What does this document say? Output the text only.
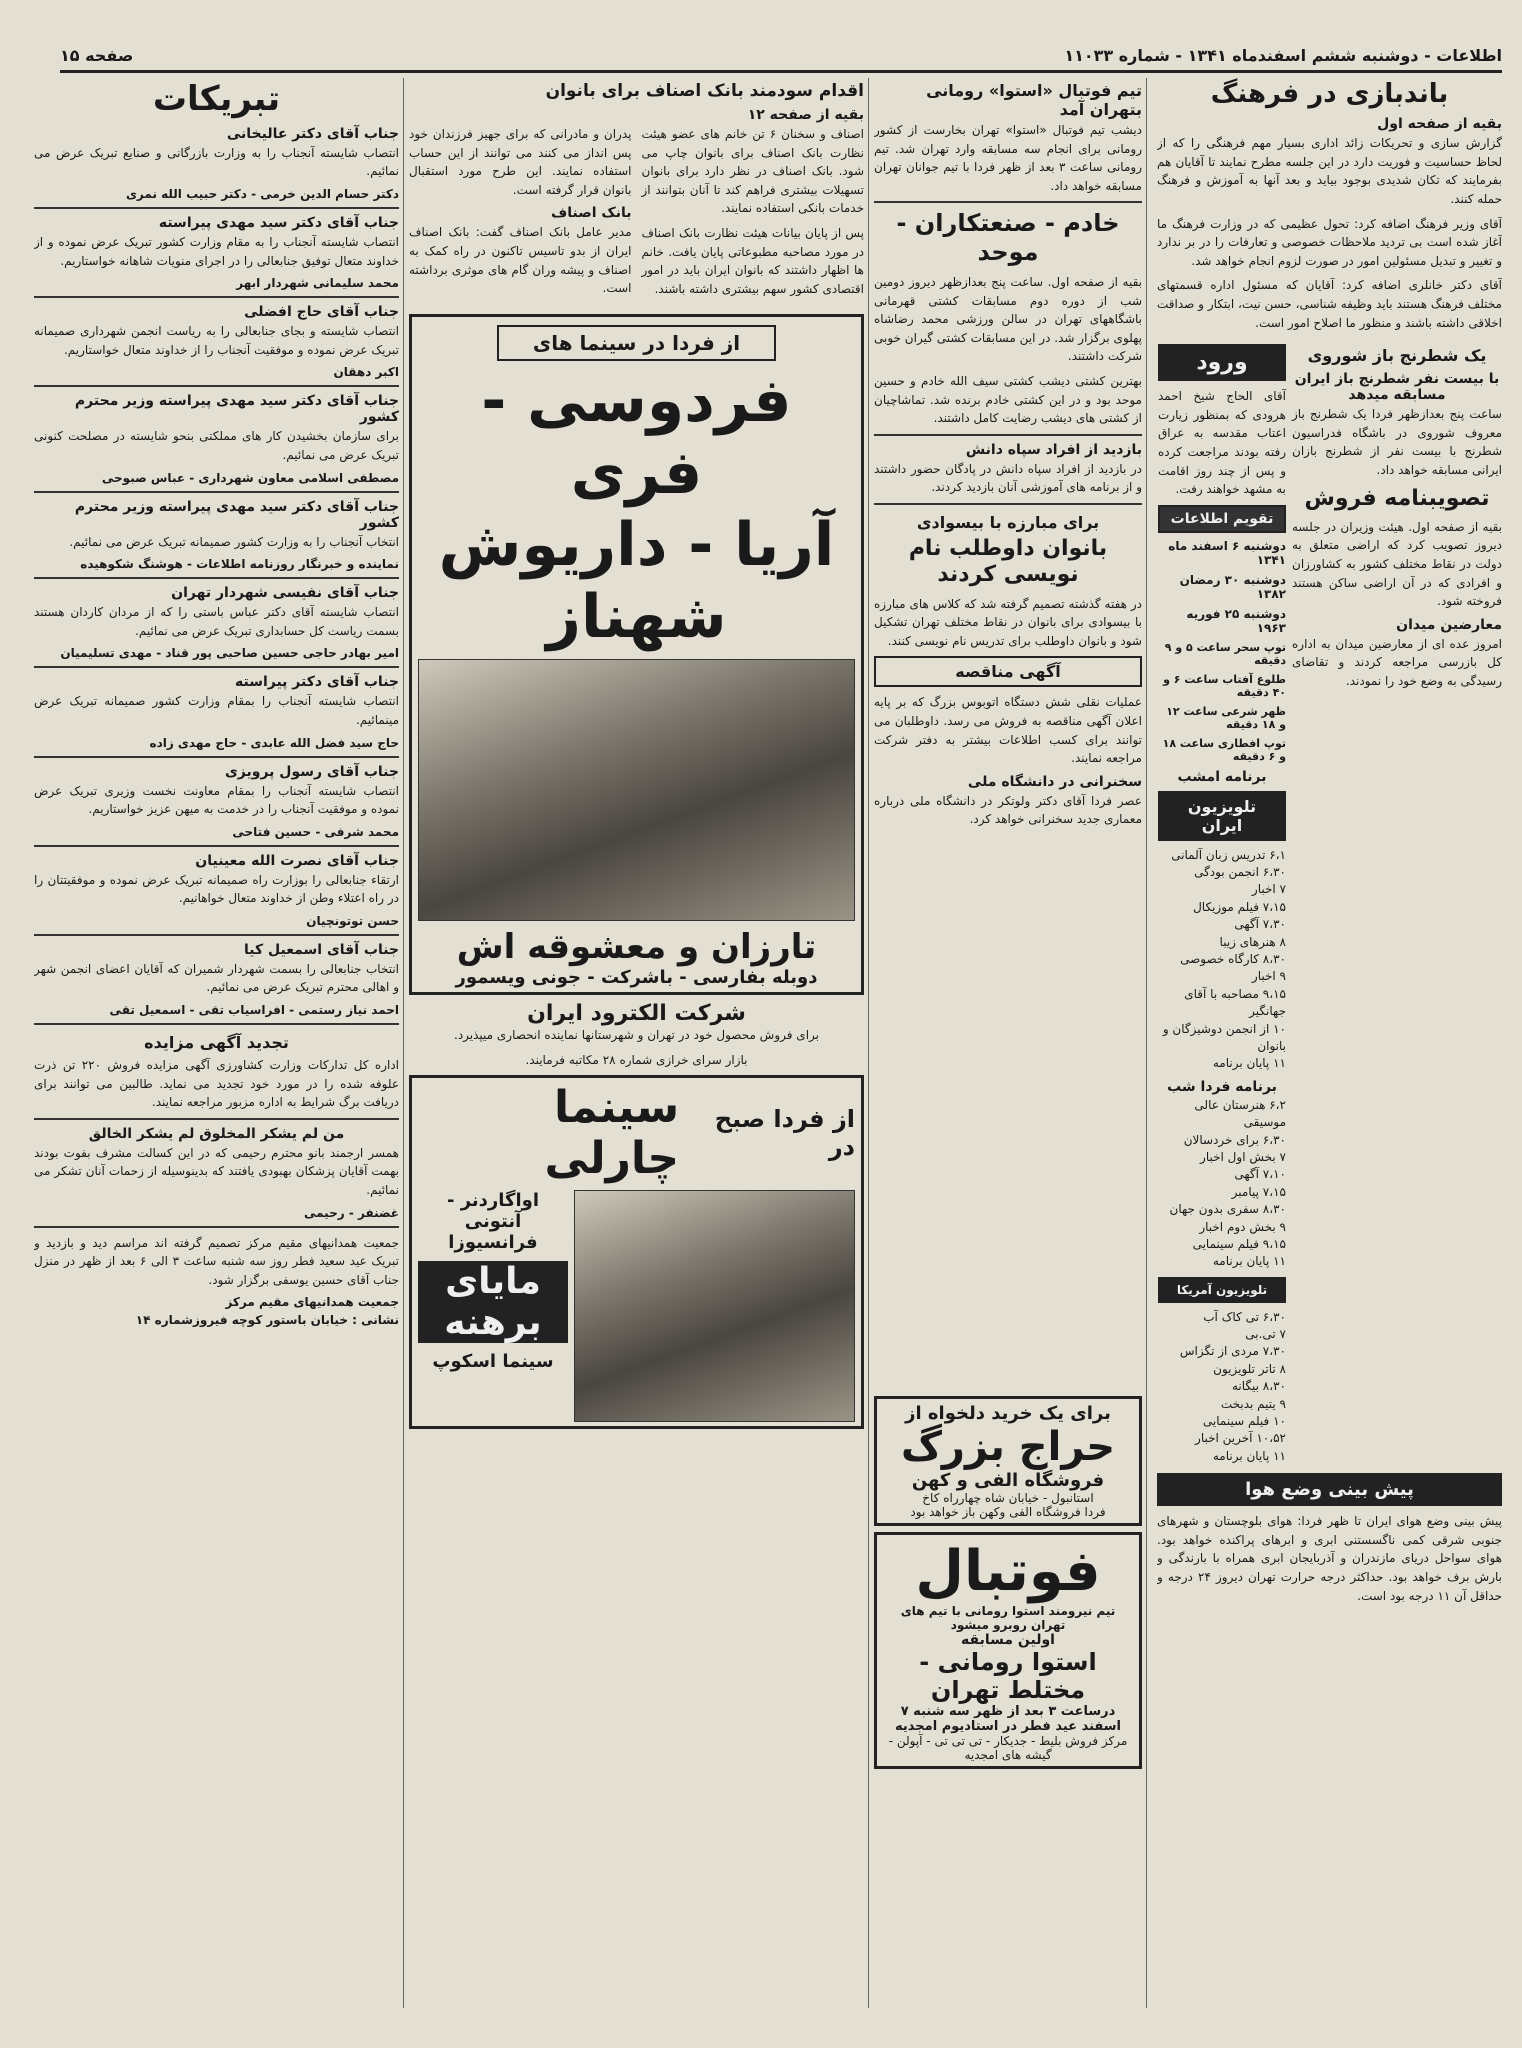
اطلاعات - دوشنبه ششم اسفندماه ۱۳۴۱ - شماره ۱۱۰۳۳
صفحه ۱۵
باندبازی در فرهنگ
بقیه از صفحه اول

گزارش سازی و تحریکات زائد اداری بسیار مهم فرهنگی را که از لحاظ حساسیت و فوریت دارد در این جلسه مطرح نمایند تا آقایان هم بفرمایند که تکان شدیدی بوجود بیاید و بعد آنها به آموزش و فرهنگ حمله کنند.

آقای وزیر فرهنگ اضافه کرد: تحول عظیمی که در وزارت فرهنگ ما آغاز شده است بی تردید ملاحظات خصوصی و تعارفات را در بر ندارد و تغییر و تبدیل مسئولین امور در صورت لزوم انجام خواهد شد.

آقای دکتر خانلری اضافه کرد: آقایان که مسئول اداره قسمتهای مختلف فرهنگ هستند باید وظیفه شناسی، حسن نیت، ابتکار و صداقت اخلاقی داشته باشند و منظور ما اصلاح امور است.

یک شطرنج باز شوروی
با بیست نفر شطرنج باز ایران مسابقه میدهد

ساعت پنج بعدازظهر فردا یک شطرنج باز معروف شوروی در باشگاه فدراسیون شطرنج با بیست نفر از شطرنج بازان ایرانی مسابقه خواهد داد.

تصویبنامه فروش

بقیه از صفحه اول. هیئت وزیران در جلسه دیروز تصویب کرد که اراضی متعلق به دولت در نقاط مختلف کشور به کشاورزان و افرادی که در آن اراضی ساکن هستند فروخته شود.

معارضین میدان

امروز عده ای از معارضین میدان به اداره کل بازرسی مراجعه کردند و تقاضای رسیدگی به وضع خود را نمودند.

ورود

آقای الحاج شیخ احمد هرودی که بمنظور زیارت اعتاب مقدسه به عراق رفته بودند مراجعت کرده و پس از چند روز اقامت به مشهد خواهند رفت.

تقویم اطلاعات
دوشنبه ۶ اسفند ماه ۱۳۴۱
دوشنبه ۳۰ رمضان ۱۳۸۲
دوشنبه ۲۵ فوریه ۱۹۶۳
توپ سحر ساعت ۵ و ۹ دقیقه
طلوع آفتاب ساعت ۶ و ۴۰ دقیقه
ظهر شرعی ساعت ۱۲ و ۱۸ دقیقه
توپ افطاری ساعت ۱۸ و ۶ دقیقه
برنامه امشب
تلویزیون ایران
۶،۱ تدریس زبان آلمانی
۶،۳۰ انجمن بودگی
۷ اخبار
۷،۱۵ فیلم موزیکال
۷،۳۰ آگهی
۸ هنرهای زیبا
۸،۳۰ کارگاه خصوصی
۹ اخبار
۹،۱۵ مصاحبه با آقای جهانگیر
۱۰ از انجمن دوشیزگان و بانوان
۱۱ پایان برنامه
برنامه فردا شب
۶،۲ هنرستان عالی موسیقی
۶،۳۰ برای خردسالان
۷ بخش اول اخبار
۷،۱۰ آگهی
۷،۱۵ پیامبر
۸،۳۰ سفری بدون جهان
۹ بخش دوم اخبار
۹،۱۵ فیلم سینمایی
۱۱ پایان برنامه
تلویزیون آمریکا
۶،۳۰ تی کاک آب
۷ تی.بی
۷،۳۰ مردی از تگزاس
۸ تاتر تلویزیون
۸،۳۰ بیگانه
۹ یتیم بدبخت
۱۰ فیلم سینمایی
۱۰،۵۲ آخرین اخبار
۱۱ پایان برنامه
پیش بینی وضع هوا

پیش بینی وضع هوای ایران تا ظهر فردا: هوای بلوچستان و شهرهای جنوبی شرقی کمی ناگسستنی ابری و ابرهای پراکنده خواهد بود. هوای سواحل دریای مازندران و آذربایجان ابری همراه با بارندگی و بارش برف خواهد بود. حداکثر درجه حرارت تهران دیروز ۲۴ درجه و حداقل آن ۱۱ درجه بود است.

تیم فوتبال «استوا» رومانی بتهران آمد

دیشب تیم فوتبال «استوا» تهران بخارست از کشور رومانی برای انجام سه مسابقه وارد تهران شد. تیم رومانی ساعت ۳ بعد از ظهر فردا با تیم جوانان تهران مسابقه خواهد داد.

خادم - صنعتکاران - موحد

بقیه از صفحه اول. ساعت پنج بعدازظهر دیروز دومین شب از دوره دوم مسابقات کشتی قهرمانی باشگاههای تهران در سالن ورزشی محمد رضاشاه پهلوی برگزار شد. در این مسابقات کشتی گیران خوبی شرکت داشتند.

بهترین کشتی دیشب کشتی سیف الله خادم و حسین موحد بود و در این کشتی خادم برنده شد. تماشاچیان از کشتی های دیشب رضایت کامل داشتند.

بازدید از افراد سپاه دانش

در بازدید از افراد سپاه دانش در پادگان حضور داشتند و از برنامه های آموزشی آنان بازدید کردند.

برای مبارزه با بیسوادی
بانوان داوطلب نام نویسی کردند

در هفته گذشته تصمیم گرفته شد که کلاس های مبارزه با بیسوادی برای بانوان در نقاط مختلف تهران تشکیل شود و بانوان داوطلب برای تدریس نام نویسی کنند.

آگهی مناقصه

عملیات نقلی شش دستگاه اتوبوس بزرگ که بر پایه اعلان آگهی مناقصه به فروش می رسد. داوطلبان می توانند برای کسب اطلاعات بیشتر به دفتر شرکت مراجعه نمایند.

سخنرانی در دانشگاه ملی

عصر فردا آقای دکتر ولوتکر در دانشگاه ملی درباره معماری جدید سخنرانی خواهد کرد.

اقدام سودمند بانک اصناف برای بانوان
بقیه از صفحه ۱۲

اصناف و سخنان ۶ تن خانم های عضو هیئت نظارت بانک اصناف برای بانوان چاپ می شود. بانک اصناف در نظر دارد برای بانوان تسهیلات بیشتری فراهم کند تا آنان بتوانند از خدمات بانکی استفاده نمایند.

پس از پایان بیانات هیئت نظارت بانک اصناف در مورد مصاحبه مطبوعاتی پایان یافت. خانم ها اظهار داشتند که بانوان ایران باید در امور اقتصادی کشور سهم بیشتری داشته باشند.

پدران و مادرانی که برای جهیز فرزندان خود پس انداز می کنند می توانند از این حساب استفاده نمایند. این طرح مورد استقبال بانوان قرار گرفته است.

بانک اصناف

مدیر عامل بانک اصناف گفت: بانک اصناف ایران از بدو تاسیس تاکنون در راه کمک به اصناف و پیشه وران گام های موثری برداشته است.

از فردا در سینما های
فردوسی - فری
آریا - داریوش
شهناز
تارزان و معشوقه اش
دوبله بفارسی - باشرکت - جونی ویسمور
شرکت الکترود ایران

برای فروش محصول خود در تهران و شهرستانها نماینده انحصاری میپذیرد.

بازار سرای خرازی شماره ۲۸ مکاتبه فرمایند.

از فردا صبح در
سینما چارلی
اواگاردنر - آنتونی فرانسیوزا
مایای برهنه
سینما اسکوپ
تبریکات
جناب آقای دکتر عالیخانی

انتصاب شایسته آنجناب را به وزارت بازرگانی و صنایع تبریک عرض می نمائیم.

دکتر حسام الدین خرمی - دکتر حبیب الله نمری
جناب آقای دکتر سید مهدی پیراسته

انتصاب شایسته آنجناب را به مقام وزارت کشور تبریک عرض نموده و از خداوند متعال توفیق جنابعالی را در اجرای منویات شاهانه خواستاریم.

محمد سلیمانی شهردار ابهر
جناب آقای حاج افضلی

انتصاب شایسته و بجای جنابعالی را به ریاست انجمن شهرداری صمیمانه تبریک عرض نموده و موفقیت آنجناب را از خداوند متعال خواستاریم.

اکبر دهقان
جناب آقای دکتر سید مهدی پیراسته وزیر محترم کشور

برای سازمان بخشیدن کار های مملکتی بنحو شایسته در مصلحت کنونی تبریک عرض می نمائیم.

مصطفی اسلامی معاون شهرداری - عباس صبوحی
جناب آقای دکتر سید مهدی پیراسته وزیر محترم کشور

انتخاب آنجناب را به وزارت کشور صمیمانه تبریک عرض می نمائیم.

نماینده و خبرنگار روزنامه اطلاعات - هوشنگ شکوهیده
جناب آقای نفیسی شهردار تهران

انتصاب شایسته آقای دکتر عباس باستی را که از مردان کاردان هستند بسمت ریاست کل حسابداری تبریک عرض می نمائیم.

امیر بهادر حاجی حسین صاحبی پور قناد - مهدی تسلیمیان
جناب آقای دکتر پیراسته

انتصاب شایسته آنجناب را بمقام وزارت کشور صمیمانه تبریک عرض مینمائیم.

حاج سید فضل الله عابدی - حاج مهدی زاده
جناب آقای رسول پرویزی

انتصاب شایسته آنجناب را بمقام معاونت نخست وزیری تبریک عرض نموده و موفقیت آنجناب را در خدمت به میهن عزیز خواستاریم.

محمد شرفی - حسین فتاحی
جناب آقای نصرت الله معینیان

ارتقاء جنابعالی را بوزارت راه صمیمانه تبریک عرض نموده و موفقیتتان را در راه اعتلاء وطن از خداوند متعال خواهانیم.

حسن توتونچیان
جناب آقای اسمعیل کیا

انتخاب جنابعالی را بسمت شهردار شمیران که آقایان اعضای انجمن شهر و اهالی محترم تبریک عرض می نمائیم.

احمد نیاز رستمی - افراسیاب تقی - اسمعیل تقی
تجدید آگهی مزایده

اداره کل تدارکات وزارت کشاورزی آگهی مزایده فروش ۲۲۰ تن ذرت علوفه شده را در مورد خود تجدید می نماید. طالبین می توانند برای دریافت برگ شرایط به اداره مزبور مراجعه نمایند.

من لم یشکر المخلوق لم یشکر الخالق

همسر ارجمند بانو محترم رحیمی که در این کسالت مشرف بفوت بودند بهمت آقایان پزشکان بهبودی یافتند که بدینوسیله از زحمات آنان تشکر می نمائیم.

غضنفر - رحیمی

جمعیت همدانیهای مقیم مرکز تصمیم گرفته اند مراسم دید و بازدید و تبریک عید سعید فطر روز سه شنبه ساعت ۳ الی ۶ بعد از ظهر در منزل جناب آقای حسین یوسفی برگزار شود.

جمعیت همدانیهای مقیم مرکز
نشانی : خیابان باستور کوچه فیروزشماره ۱۴
برای یک خرید دلخواه از
حراج بزرگ
فروشگاه الفی و کهن
استانبول - خیابان شاه چهارراه کاخ
فردا فروشگاه الفی وکهن باز خواهد بود
فوتبال
تیم نیرومند استوا رومانی با تیم های تهران روبرو میشود
اولین مسابقه
استوا رومانی - مختلط تهران
درساعت ۳ بعد از ظهر سه شنبه ۷ اسفند عید فطر در استادیوم امجدیه
مرکز فروش بلیط - جدیکار - تی تی تی - آپولن - گیشه های امجدیه
